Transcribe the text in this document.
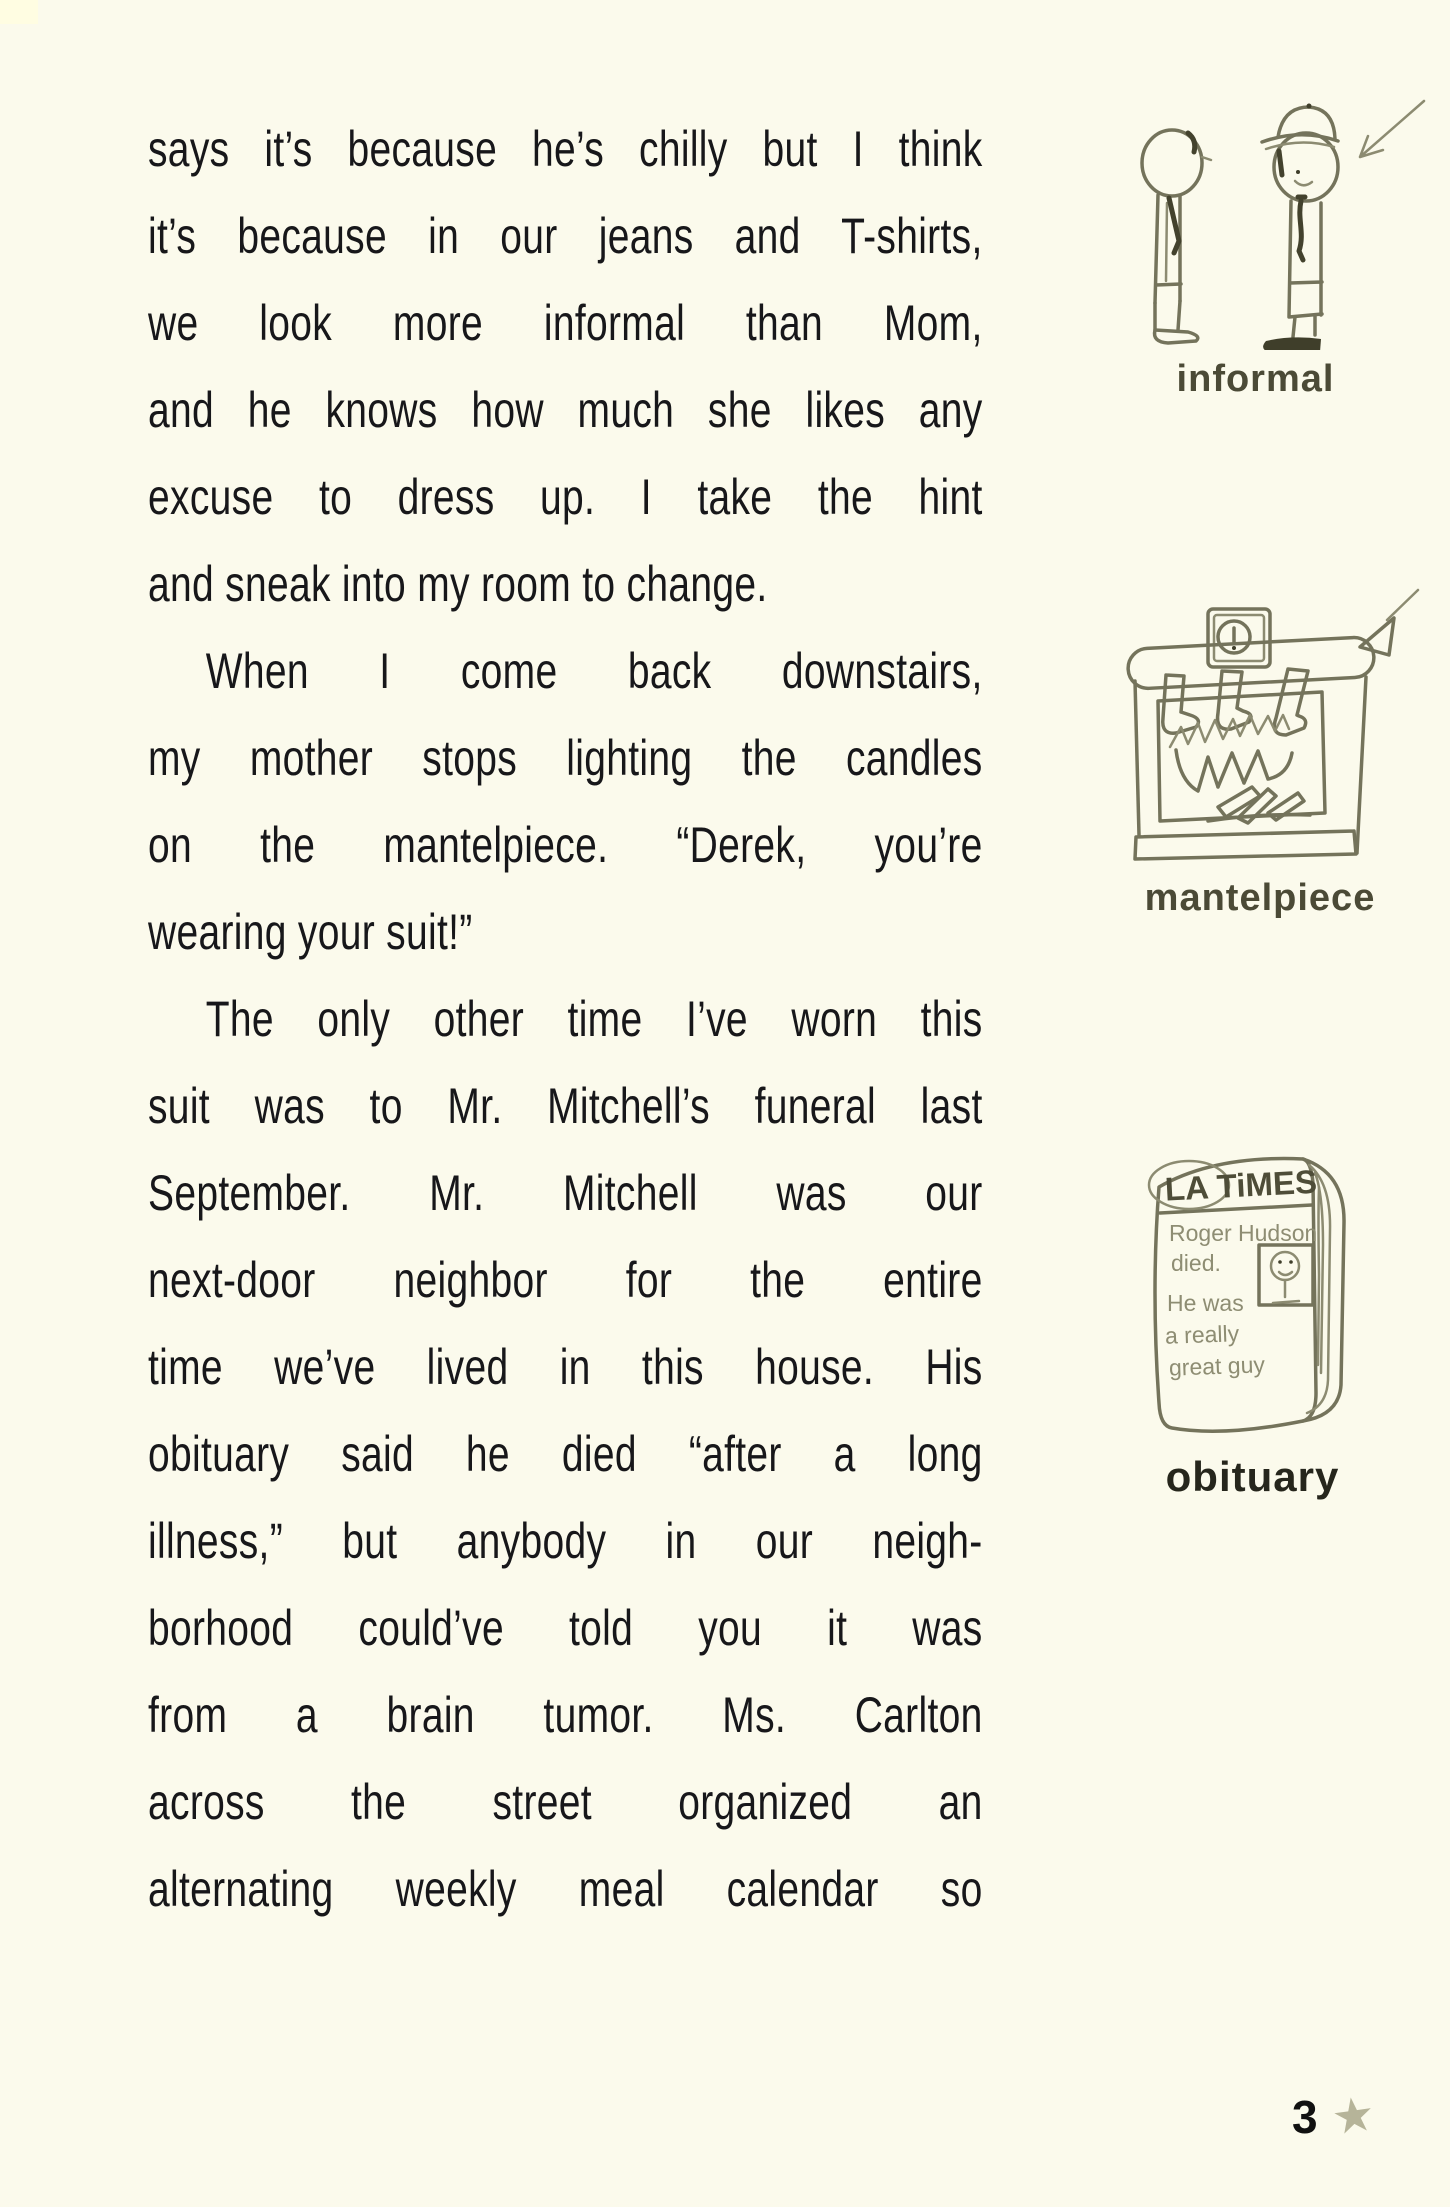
says it’s because he’s chilly but I think
it’s because in our jeans and T-shirts,
we look more informal than Mom,
and he knows how much she likes any
excuse to dress up. I take the hint
and sneak into my room to change.
When I come back downstairs,
my mother stops lighting the candles
on the mantelpiece. “Derek, you’re
wearing your suit!”
The only other time I’ve worn this
suit was to Mr. Mitchell’s funeral last
September. Mr. Mitchell was our
next-door neighbor for the entire
time we’ve lived in this house. His
obituary said he died “after a long
illness,” but anybody in our neigh-
borhood could’ve told you it was
from a brain tumor. Ms. Carlton
across the street organized an
alternating weekly meal calendar so
informal
mantelpiece
LA TiMES
Roger Hudson
died.
He was
a really
great guy
obituary
3 ★
